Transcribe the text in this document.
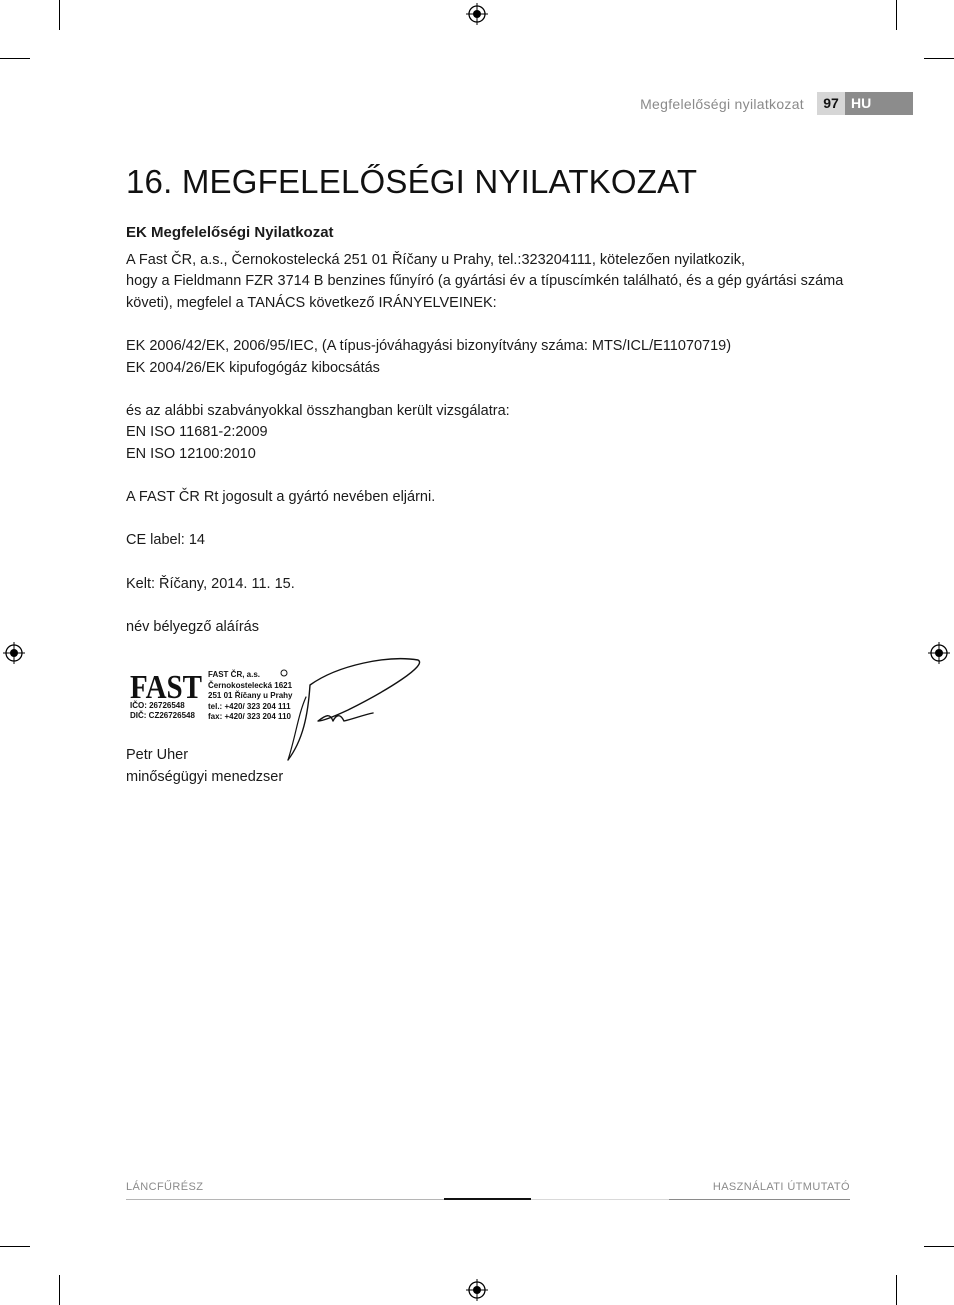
Megfelelőségi nyilatkozat	97 HU
16. MEGFELELŐSÉGI NYILATKOZAT

EK Megfelelőségi Nyilatkozat

A Fast ČR, a.s., Černokostelecká 251 01 Říčany u Prahy, tel.:323204111, kötelezően nyilatkozik,

hogy a Fieldmann FZR 3714 B benzines fűnyíró (a gyártási év a típuscímkén található, és a gép gyártási száma

követi), megfelel a TANÁCS következő IRÁNYELVEINEK:

EK 2006/42/EK, 2006/95/IEC, (A típus-jóváhagyási bizonyítvány száma: MTS/ICL/E11070719)

EK 2004/26/EK kipufogógáz kibocsátás

és az alábbi szabványokkal összhangban került vizsgálatra:

EN ISO 11681-2:2009

EN ISO 12100:2010

A FAST ČR Rt jogosult a gyártó nevében eljárni.

CE label: 14

Kelt: Říčany, 2014. 11. 15.

név bélyegző aláírás

FAST
IČO: 26726548
DIČ: CZ26726548
FAST ČR, a.s.
Černokostelecká 1621
251 01 Říčany u Prahy
tel.: +420/ 323 204 111
fax: +420/ 323 204 110

Petr Uher

minőségügyi menedzser

LÁNCFŰRÉSZ	HASZNÁLATI ÚTMUTATÓ
